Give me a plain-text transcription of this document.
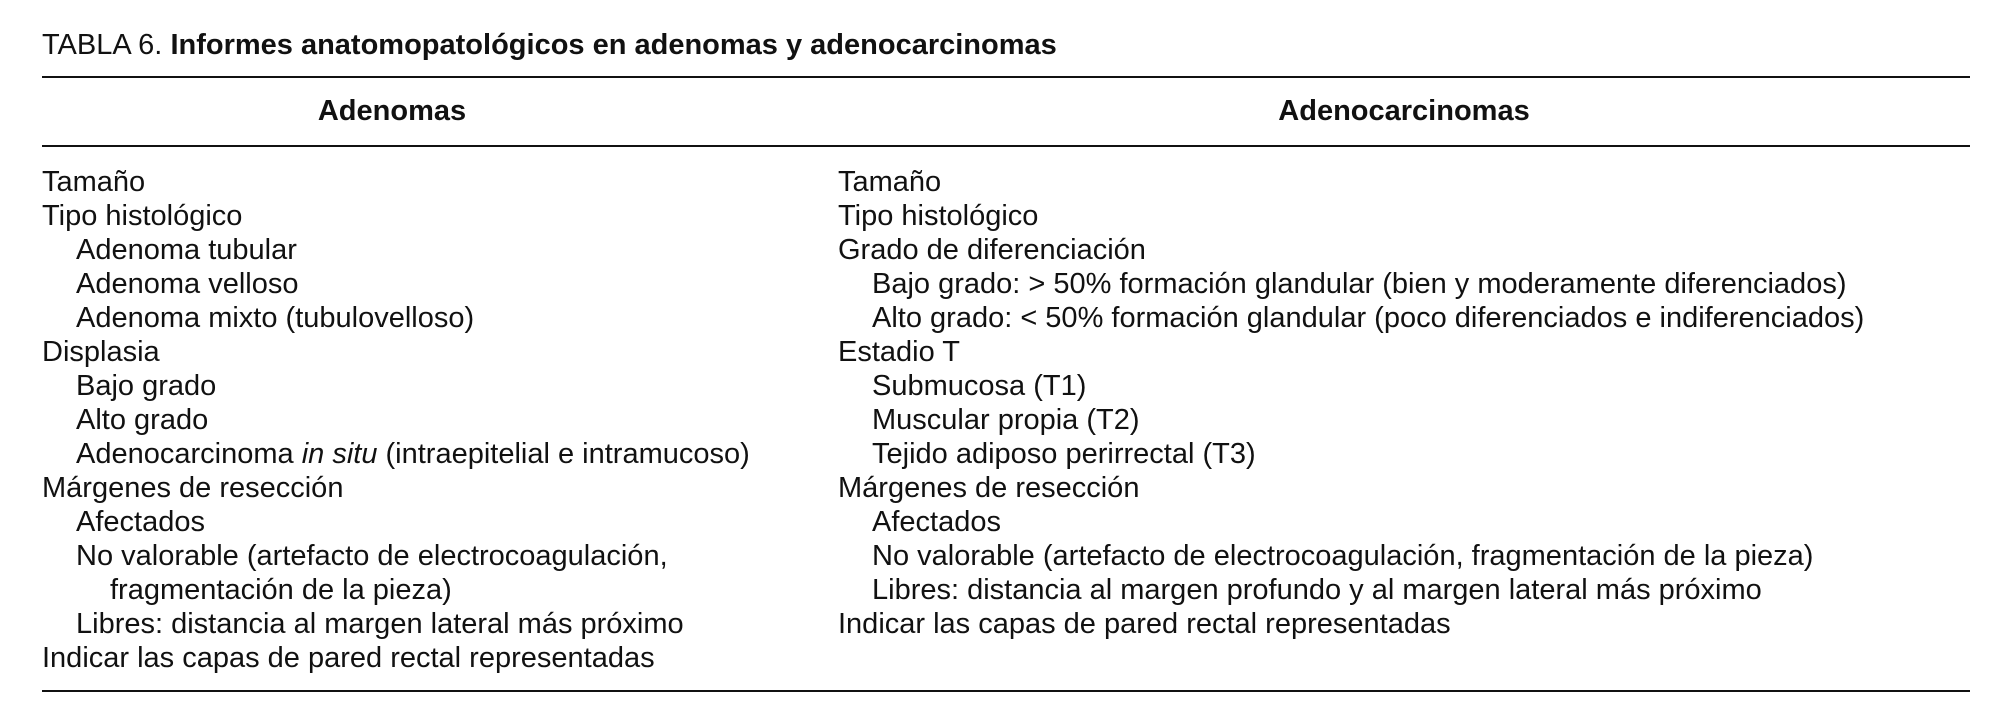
TABLA 6. Informes anatomopatológicos en adenomas y adenocarcinomas
Adenomas	Adenocarcinomas
Tamaño
Tipo histológico
Adenoma tubular
Adenoma velloso
Adenoma mixto (tubulovelloso)
Displasia
Bajo grado
Alto grado
Adenocarcinoma in situ (intraepitelial e intramucoso)
Márgenes de resección
Afectados
No valorable (artefacto de electrocoagulación,
fragmentación de la pieza)
Libres: distancia al margen lateral más próximo
Indicar las capas de pared rectal representadas
Tamaño
Tipo histológico
Grado de diferenciación
Bajo grado: > 50% formación glandular (bien y moderamente diferenciados)
Alto grado: < 50% formación glandular (poco diferenciados e indiferenciados)
Estadio T
Submucosa (T1)
Muscular propia (T2)
Tejido adiposo perirrectal (T3)
Márgenes de resección
Afectados
No valorable (artefacto de electrocoagulación, fragmentación de la pieza)
Libres: distancia al margen profundo y al margen lateral más próximo
Indicar las capas de pared rectal representadas
